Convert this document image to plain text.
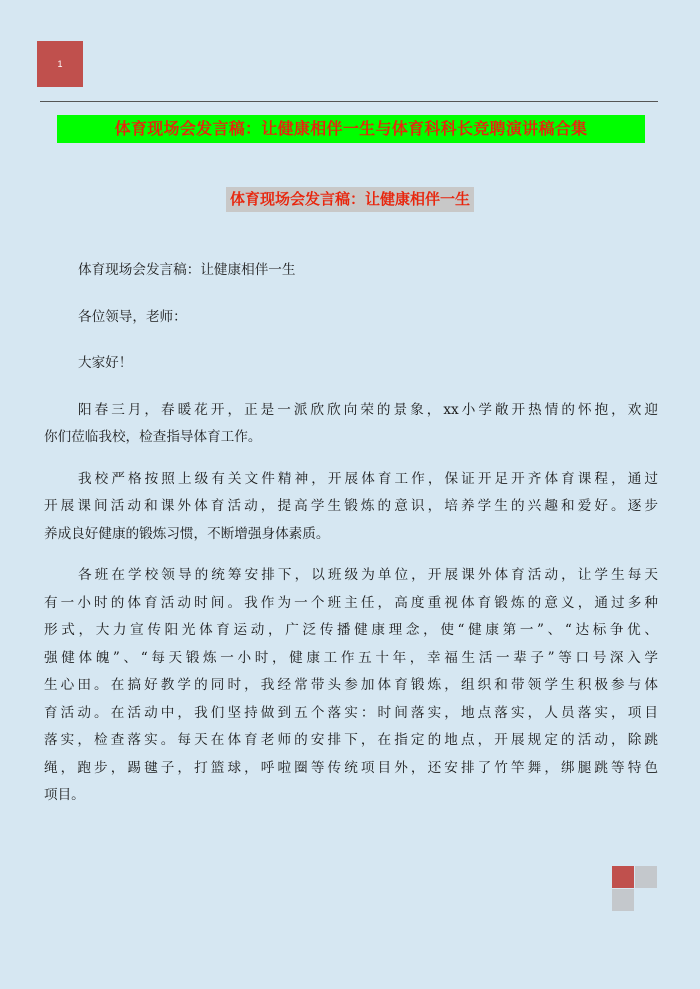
1
体育现场会发言稿：让健康相伴一生与体育科科长竞聘演讲稿合集
体育现场会发言稿：让健康相伴一生

体育现场会发言稿：让健康相伴一生

各位领导，老师：

大家好！

阳春三月，春暖花开，正是一派欣欣向荣的景象，xx小学敞开热情的怀抱，欢迎
你们莅临我校，检查指导体育工作。
我校严格按照上级有关文件精神，开展体育工作，保证开足开齐体育课程，通过
开展课间活动和课外体育活动，提高学生锻炼的意识，培养学生的兴趣和爱好。逐步
养成良好健康的锻炼习惯，不断增强身体素质。
各班在学校领导的统筹安排下，以班级为单位，开展课外体育活动，让学生每天
有一小时的体育活动时间。我作为一个班主任，高度重视体育锻炼的意义，通过多种
形式，大力宣传阳光体育运动，广泛传播健康理念，使“健康第一”、“达标争优、
强健体魄”、“每天锻炼一小时，健康工作五十年，幸福生活一辈子”等口号深入学
生心田。在搞好教学的同时，我经常带头参加体育锻炼，组织和带领学生积极参与体
育活动。在活动中，我们坚持做到五个落实：时间落实，地点落实，人员落实，项目
落实，检查落实。每天在体育老师的安排下，在指定的地点，开展规定的活动，除跳
绳，跑步，踢毽子，打篮球，呼啦圈等传统项目外，还安排了竹竿舞，绑腿跳等特色
项目。
